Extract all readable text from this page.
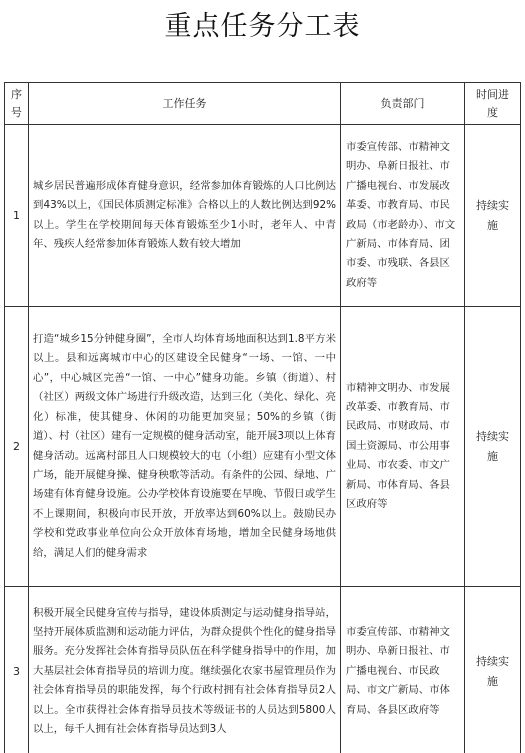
重点任务分工表
序号	工作任务	负责部门	时间进度
1	城乡居民普遍形成体育健身意识，经常参加体育锻炼的人口比例达到43%以上，《国民体质测定标准》合格以上的人数比例达到92%以上。学生在学校期间每天体育锻炼至少1小时，老年人、中青年、残疾人经常参加体育锻炼人数有较大增加	市委宣传部、市精神文明办、阜新日报社、市广播电视台、市发展改革委、市教育局、市民政局（市老龄办）、市文广新局、市体育局、团市委、市残联、各县区政府等	持续实施

2	打造“城乡15分钟健身圈”，全市人均体育场地面积达到1.8平方米以上。县和远离城市中心的区建设全民健身“一场、一馆、一中心”，中心城区完善“一馆、一中心”健身功能。乡镇（街道）、村（社区）两级文体广场进行升级改造，达到三化（美化、绿化、亮化）标准，使其健身、休闲的功能更加突显；50%的乡镇（街道）、村（社区）建有一定规模的健身活动室，能开展3项以上体育健身活动。远离村部且人口规模较大的屯（小组）应建有小型文体广场，能开展健身操、健身秧歌等活动。有条件的公园、绿地、广场建有体育健身设施。公办学校体育设施要在早晚、节假日或学生不上课期间，积极向市民开放，开放率达到60%以上。鼓励民办学校和党政事业单位向公众开放体育场地，增加全民健身场地供给，满足人们的健身需求	市精神文明办、市发展改革委、市教育局、市民政局、市财政局、市国土资源局、市公用事业局、市农委、市文广新局、市体育局、各县区政府等	持续实施

3	积极开展全民健身宣传与指导，建设体质测定与运动健身指导站，坚持开展体质监测和运动能力评估，为群众提供个性化的健身指导服务。充分发挥社会体育指导员队伍在科学健身指导中的作用，加大基层社会体育指导员的培训力度。继续强化农家书屋管理员作为社会体育指导员的职能发挥，每个行政村拥有社会体育指导员2人以上。全市获得社会体育指导员技术等级证书的人员达到5800人以上，每千人拥有社会体育指导员达到3人	市委宣传部、市精神文明办、阜新日报社、市广播电视台、市民政局、市文广新局、市体育局、各县区政府等	持续实施
